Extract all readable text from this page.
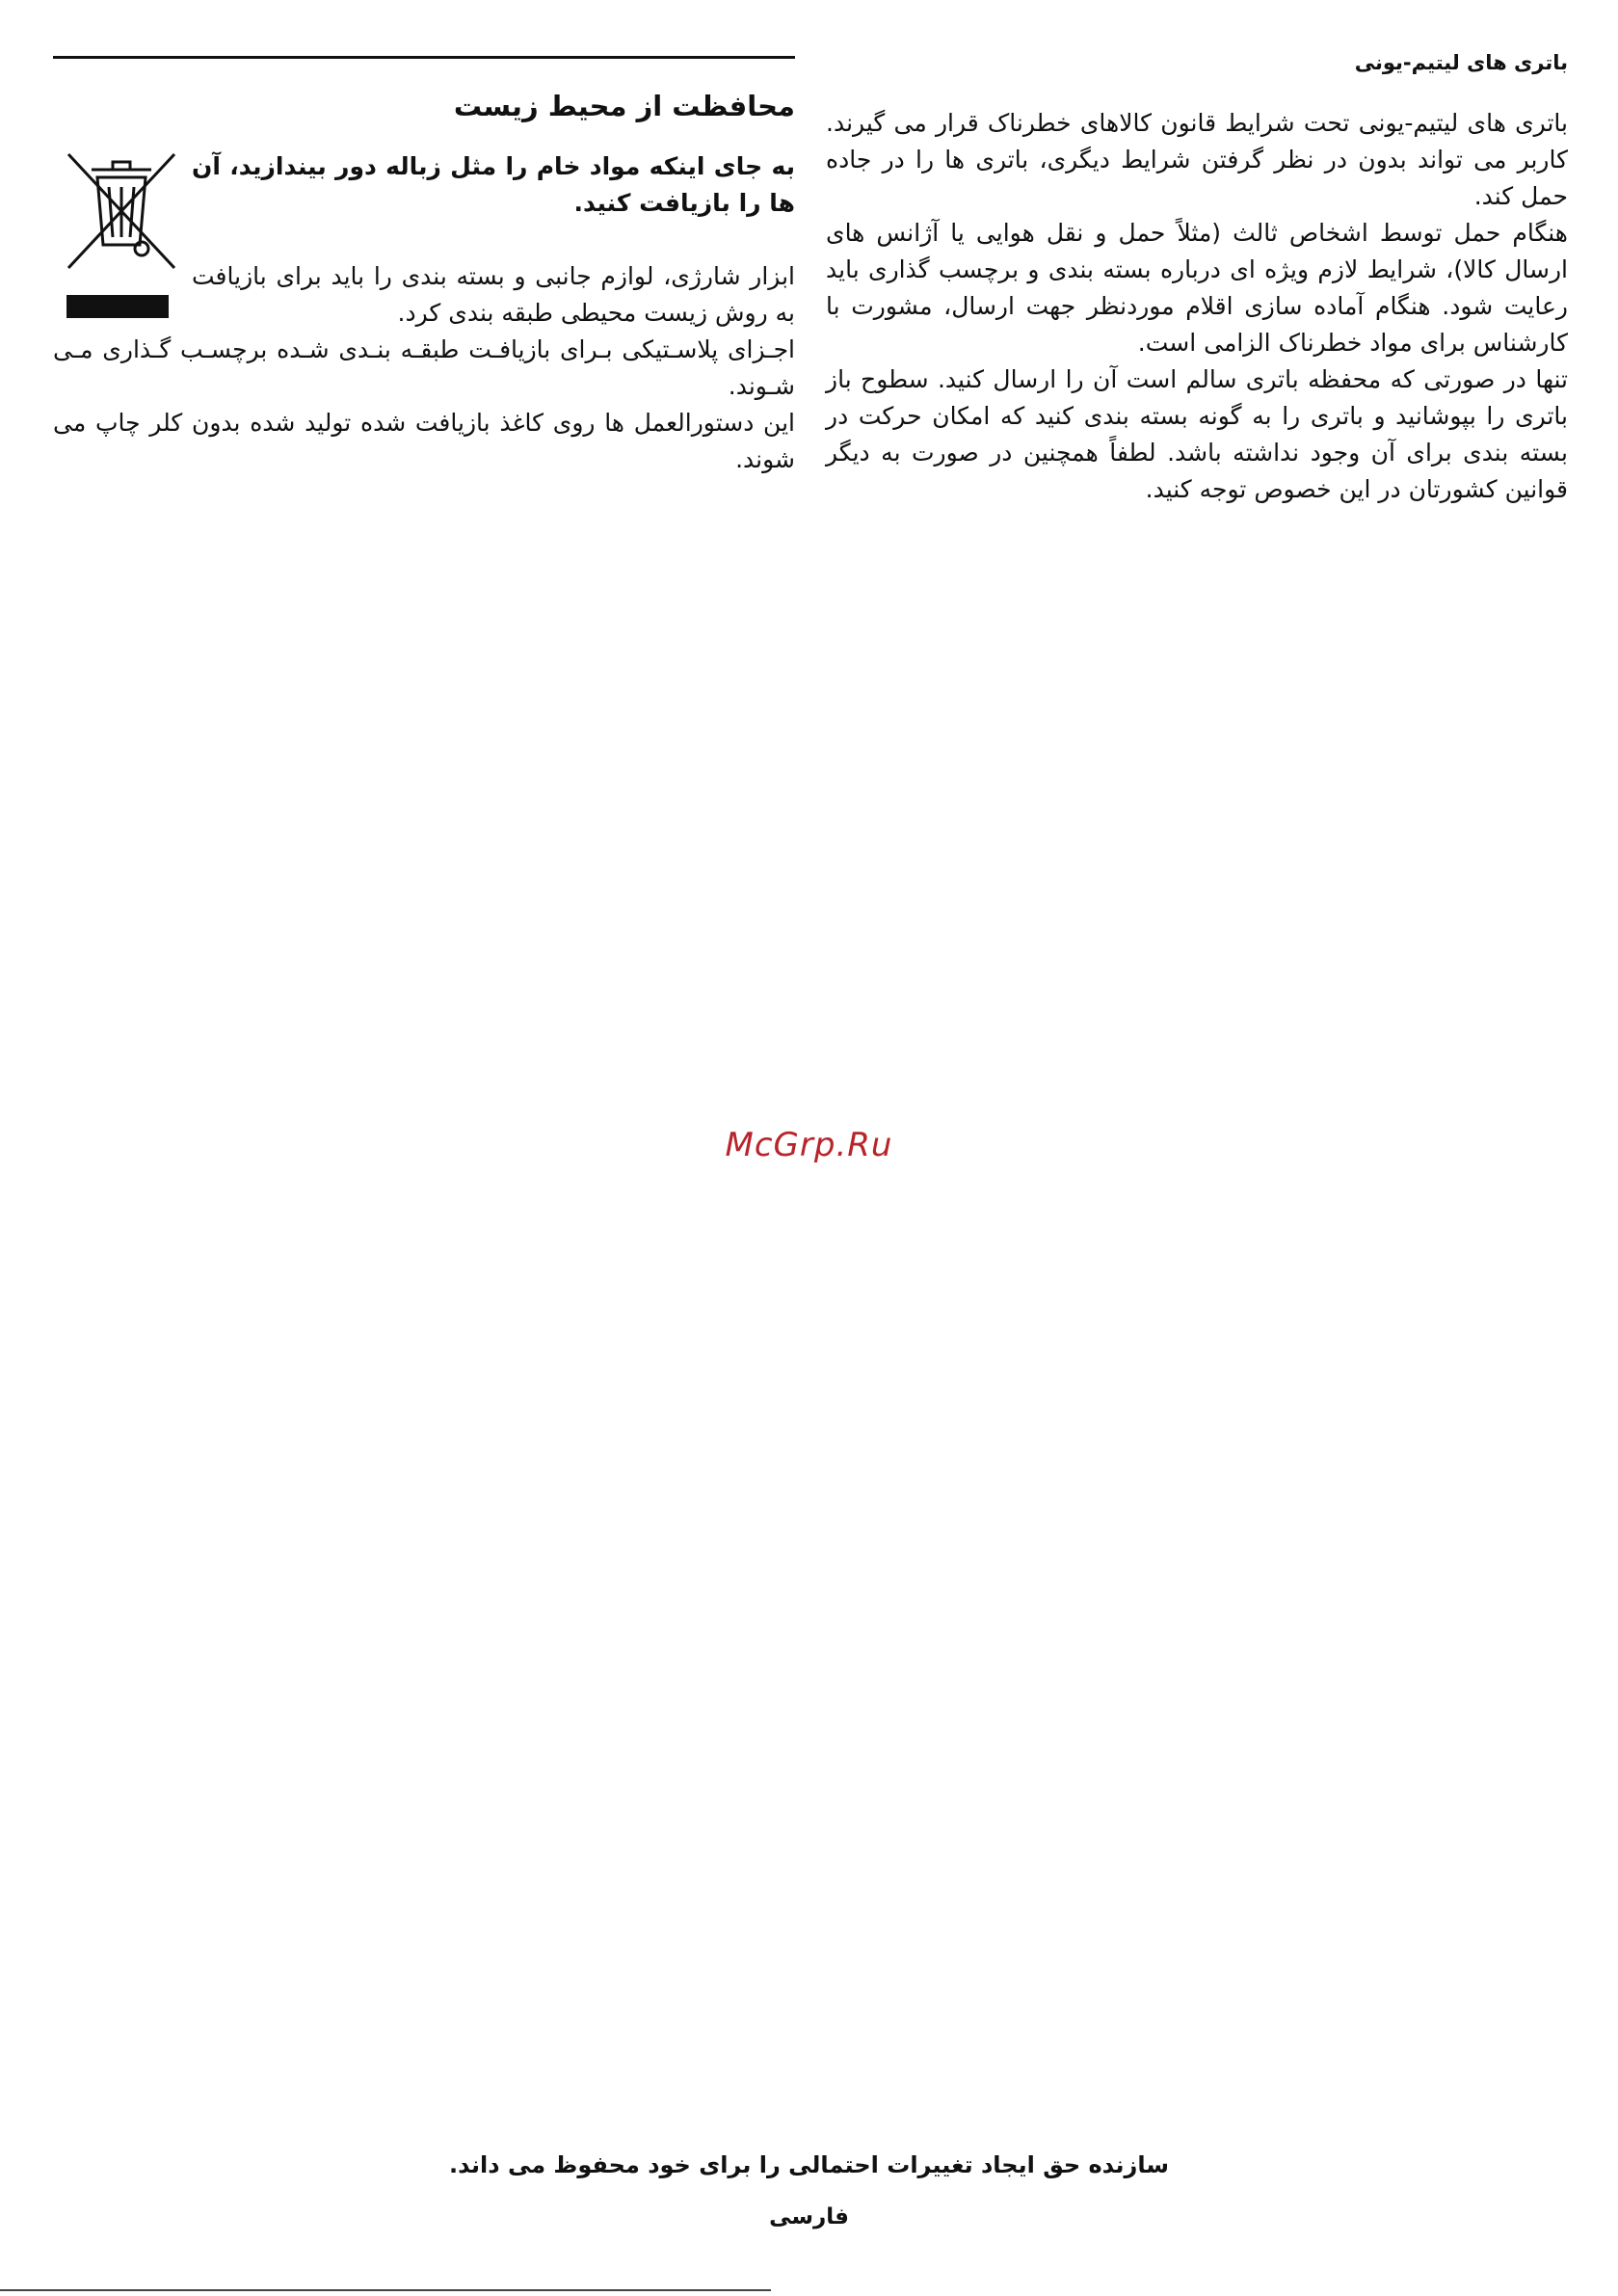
باتری های لیتیم-یونی

باتری های لیتیم-یونی تحت شرایط قانون کالاهای خطرناک قرار می گیرند. کاربر می تواند بدون در نظر گرفتن شرایط دیگری، باتری ها را در جاده حمل کند.

هنگام حمل توسط اشخاص ثالث (مثلاً حمل و نقل هوایی یا آژانس های ارسال کالا)، شرایط لازم ویژه ای درباره بسته بندی و برچسب گذاری باید رعایت شود. هنگام آماده سازی اقلام موردنظر جهت ارسال، مشورت با کارشناس برای مواد خطرناک الزامی است.

تنها در صورتی که محفظه باتری سالم است آن را ارسال کنید. سطوح باز باتری را بپوشانید و باتری را به گونه بسته بندی کنید که امکان حرکت در بسته بندی برای آن وجود نداشته باشد. لطفاً همچنین در صورت به دیگر قوانین کشورتان در این خصوص توجه کنید.

محافظت از محیط زیست

به جای اینکه مواد خام را مثل زباله دور بیندازید، آن ها را بازیافت کنید.

ابزار شارژی، لوازم جانبی و بسته بندی را باید برای بازیافت به روش زیست محیطی طبقه بندی کرد.

اجـزای پلاسـتیکی بـرای بازیافـت طبقـه بنـدی شـده برچسـب گـذاری مـی شـوند.

این دستورالعمل ها روی کاغذ بازیافت شده تولید شده بدون کلر چاپ می شوند.

McGrp.Ru
سازنده حق ایجاد تغییرات احتمالی را برای خود محفوظ می داند.
فارسی
